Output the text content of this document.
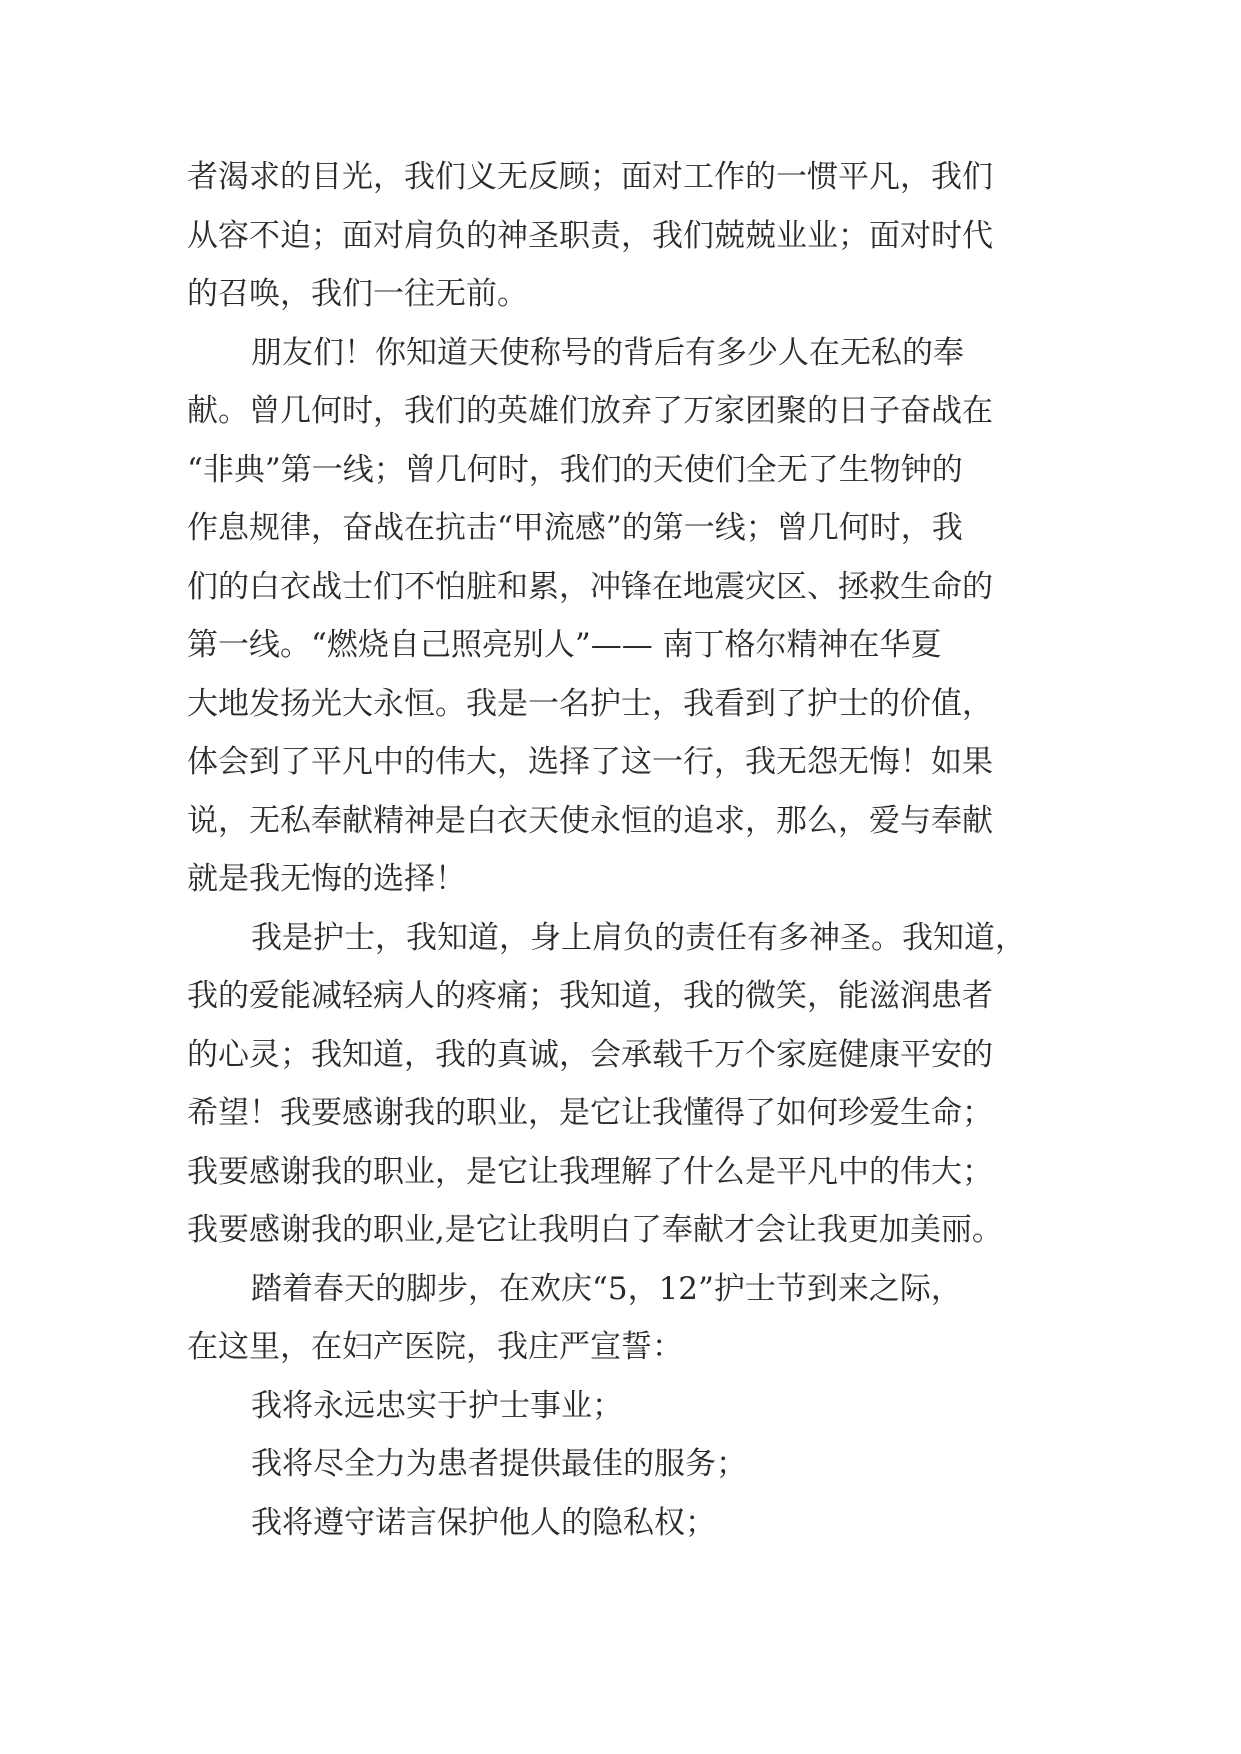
者渴求的目光，我们义无反顾；面对工作的一惯平凡，我们
从容不迫；面对肩负的神圣职责，我们兢兢业业；面对时代
的召唤，我们一往无前。
朋友们！你知道天使称号的背后有多少人在无私的奉
献。曾几何时，我们的英雄们放弃了万家团聚的日子奋战在
“非典”第一线；曾几何时，我们的天使们全无了生物钟的
作息规律，奋战在抗击“甲流感”的第一线；曾几何时，我
们的白衣战士们不怕脏和累，冲锋在地震灾区、拯救生命的
第一线。“燃烧自己照亮别人”—— 南丁格尔精神在华夏
大地发扬光大永恒。我是一名护士，我看到了护士的价值，
体会到了平凡中的伟大，选择了这一行，我无怨无悔！如果
说，无私奉献精神是白衣天使永恒的追求，那么，爱与奉献
就是我无悔的选择！
我是护士，我知道，身上肩负的责任有多神圣。我知道，
我的爱能减轻病人的疼痛；我知道，我的微笑，能滋润患者
的心灵；我知道，我的真诚，会承载千万个家庭健康平安的
希望！我要感谢我的职业，是它让我懂得了如何珍爱生命；
我要感谢我的职业，是它让我理解了什么是平凡中的伟大；
我要感谢我的职业,是它让我明白了奉献才会让我更加美丽。
踏着春天的脚步，在欢庆“5，12”护士节到来之际，
在这里，在妇产医院，我庄严宣誓：
我将永远忠实于护士事业；
我将尽全力为患者提供最佳的服务；
我将遵守诺言保护他人的隐私权；
